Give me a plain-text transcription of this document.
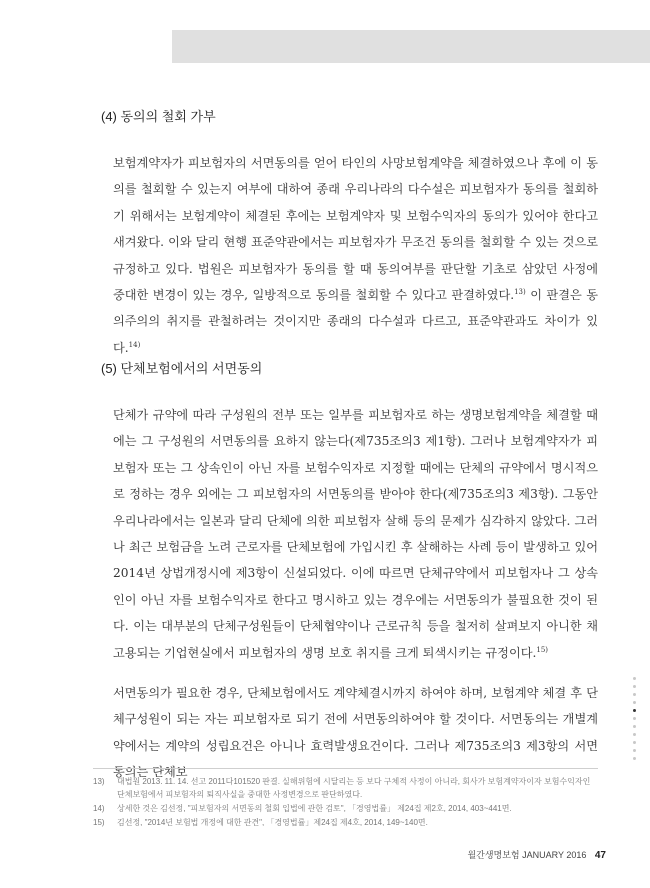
(4) 동의의 철회 가부
보험계약자가 피보험자의 서면동의를 얻어 타인의 사망보험계약을 체결하였으나 후에 이 동의를 철회할 수 있는지 여부에 대하여 종래 우리나라의 다수설은 피보험자가 동의를 철회하기 위해서는 보험계약이 체결된 후에는 보험계약자 및 보험수익자의 동의가 있어야 한다고 새겨왔다. 이와 달리 현행 표준약관에서는 피보험자가 무조건 동의를 철회할 수 있는 것으로 규정하고 있다. 법원은 피보험자가 동의를 할 때 동의여부를 판단할 기초로 삼았던 사정에 중대한 변경이 있는 경우, 일방적으로 동의를 철회할 수 있다고 판결하였다.$^{13)}$ 이 판결은 동의주의의 취지를 관철하려는 것이지만 종래의 다수설과 다르고, 표준약관과도 차이가 있다.$^{14)}$
(5) 단체보험에서의 서면동의
단체가 규약에 따라 구성원의 전부 또는 일부를 피보험자로 하는 생명보험계약을 체결할 때에는 그 구성원의 서면동의를 요하지 않는다(제735조의3 제1항). 그러나 보험계약자가 피보험자 또는 그 상속인이 아닌 자를 보험수익자로 지정할 때에는 단체의 규약에서 명시적으로 정하는 경우 외에는 그 피보험자의 서면동의를 받아야 한다(제735조의3 제3항). 그동안 우리나라에서는 일본과 달리 단체에 의한 피보험자 살해 등의 문제가 심각하지 않았다. 그러나 최근 보험금을 노려 근로자를 단체보험에 가입시킨 후 살해하는 사례 등이 발생하고 있어 2014년 상법개정시에 제3항이 신설되었다. 이에 따르면 단체규약에서 피보험자나 그 상속인이 아닌 자를 보험수익자로 한다고 명시하고 있는 경우에는 서면동의가 불필요한 것이 된다. 이는 대부분의 단체구성원들이 단체협약이나 근로규칙 등을 철저히 살펴보지 아니한 채 고용되는 기업현실에서 피보험자의 생명 보호 취지를 크게 퇴색시키는 규정이다.$^{15)}$
서면동의가 필요한 경우, 단체보험에서도 계약체결시까지 하여야 하며, 보험계약 체결 후 단체구성원이 되는 자는 피보험자로 되기 전에 서면동의하여야 할 것이다. 서면동의는 개별계약에서는 계약의 성립요건은 아니나 효력발생요건이다. 그러나 제735조의3 제3항의 서면동의는 단체보
13)	대법원 2013. 11. 14. 선고 2011다101520 판결. 실해위험에 시달리는 등 보다 구체적 사정이 아니라, 회사가 보험계약자이자 보험수익자인 단체보험에서 피보험자의 퇴직사실을 중대한 사정변경으로 판단하였다.
14)	상세한 것은 김선정, "피보험자의 서면동의 철회 입법에 관한 검토", 「경영법률」 제24집 제2호, 2014, 403~441면.
15)	김선정, "2014년 보험법 개정에 대한 관견", 「경영법률」제24집 제4호, 2014, 149~140면.
월간생명보험 JANUARY 2016 47
